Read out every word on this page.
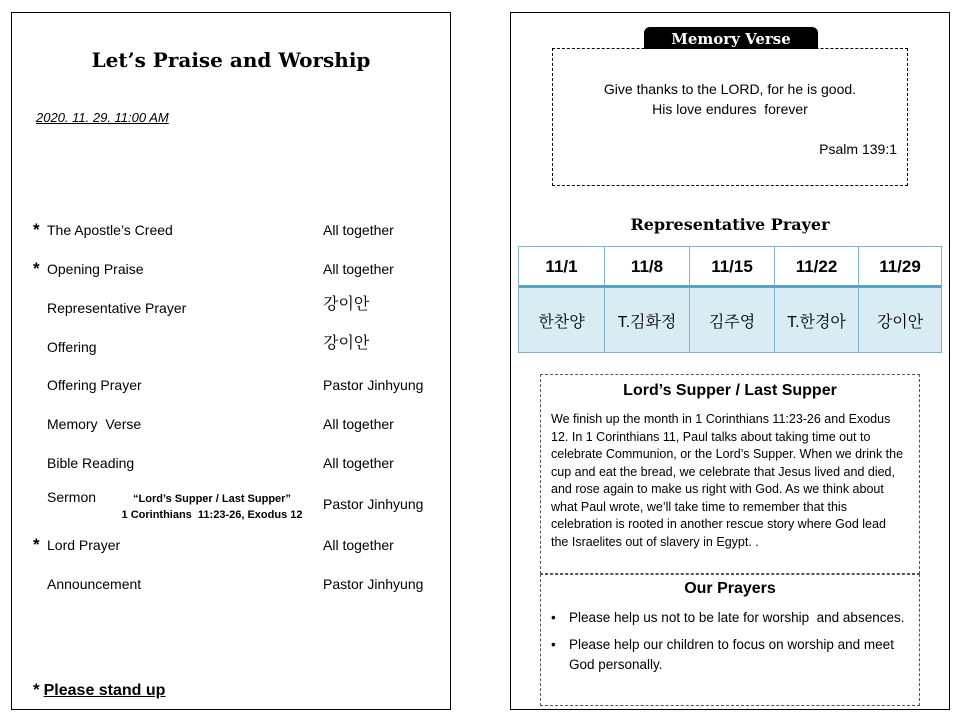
Let’s Praise and Worship
2020. 11. 29. 11:00 AM
* The Apostle’s Creed	All together
* Opening Praise	All together
Representative Prayer	강이안
Offering	강이안
Offering Prayer	Pastor Jinhyung
Memory  Verse	All together
Bible Reading	All together
Sermon	Pastor Jinhyung
“Lord’s Supper / Last Supper”
1 Corinthians  11:23-26, Exodus 12
* Lord Prayer	All together
Announcement	Pastor Jinhyung
* Please stand up
Memory Verse
Give thanks to the LORD, for he is good.
His love endures  forever
Psalm 139:1
Representative Prayer
11/1	11/8	11/15	11/22	11/29
한찬양	T.김화정	김주영	T.한경아	강이안
Lord’s Supper / Last Supper
We finish up the month in 1 Corinthians 11:23-26 and Exodus 12. In 1 Corinthians 11, Paul talks about taking time out to celebrate Communion, or the Lord’s Supper. When we drink the cup and eat the bread, we celebrate that Jesus lived and died, and rose again to make us right with God. As we think about what Paul wrote, we’ll take time to remember that this celebration is rooted in another rescue story where God lead the Israelites out of slavery in Egypt. .
Our Prayers
• Please help us not to be late for worship  and absences.
• Please help our children to focus on worship and meet God personally.
